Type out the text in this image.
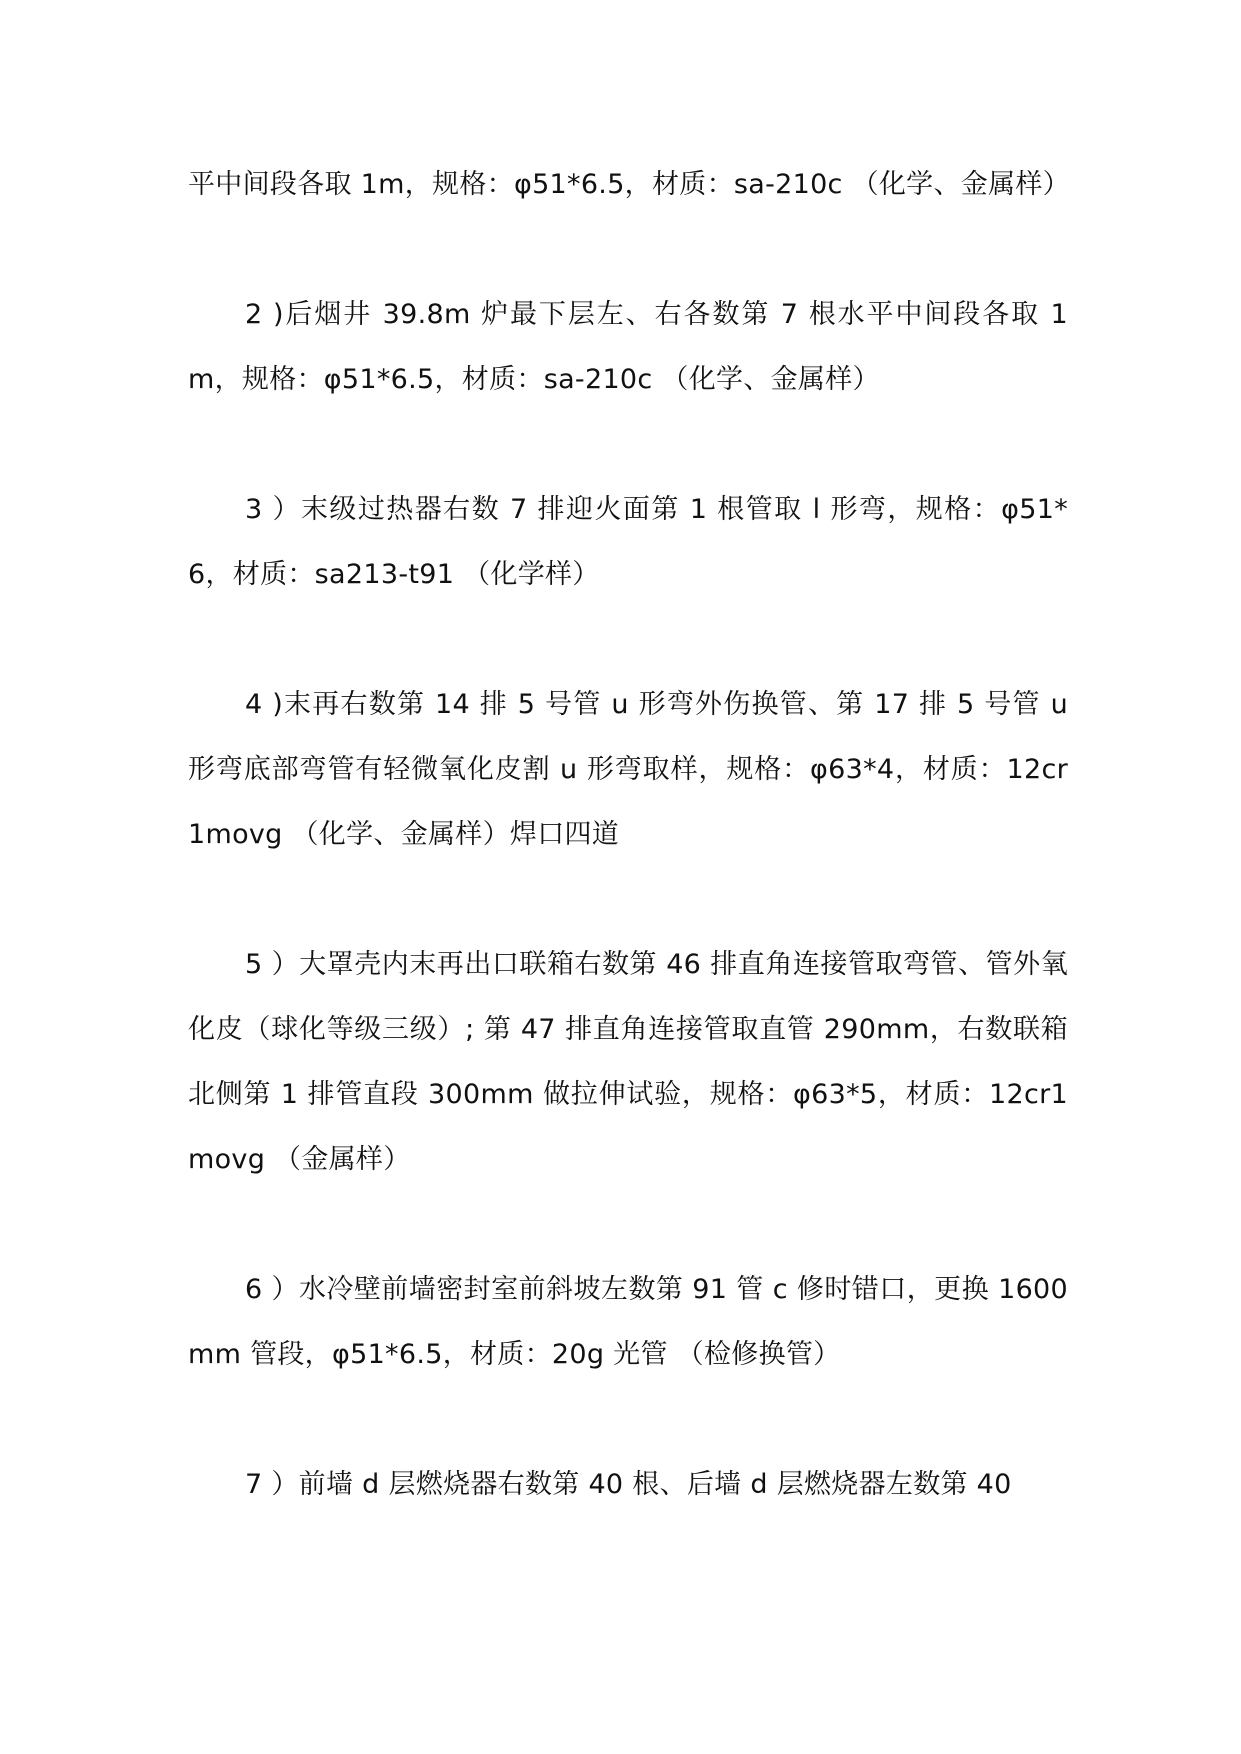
平中间段各取 1m，规格：φ51*6.5，材质：sa-210c （化学、金属样）

2 )后烟井 39.8m 炉最下层左、右各数第 7 根水平中间段各取 1m，规格：φ51*6.5，材质：sa-210c （化学、金属样）

3 ）末级过热器右数 7 排迎火面第 1 根管取 l 形弯，规格：φ51*6，材质：sa213-t91 （化学样）

4 )末再右数第 14 排 5 号管 u 形弯外伤换管、第 17 排 5 号管 u 形弯底部弯管有轻微氧化皮割 u 形弯取样，规格：φ63*4，材质：12cr1movg （化学、金属样）焊口四道

5 ）大罩壳内末再出口联箱右数第 46 排直角连接管取弯管、管外氧化皮（球化等级三级）; 第 47 排直角连接管取直管 290mm，右数联箱北侧第 1 排管直段 300mm 做拉伸试验，规格：φ63*5，材质：12cr1movg （金属样）

6 ）水冷壁前墙密封室前斜坡左数第 91 管 c 修时错口，更换 1600mm 管段，φ51*6.5，材质：20g 光管 （检修换管）

7 ）前墙 d 层燃烧器右数第 40 根、后墙 d 层燃烧器左数第 40
